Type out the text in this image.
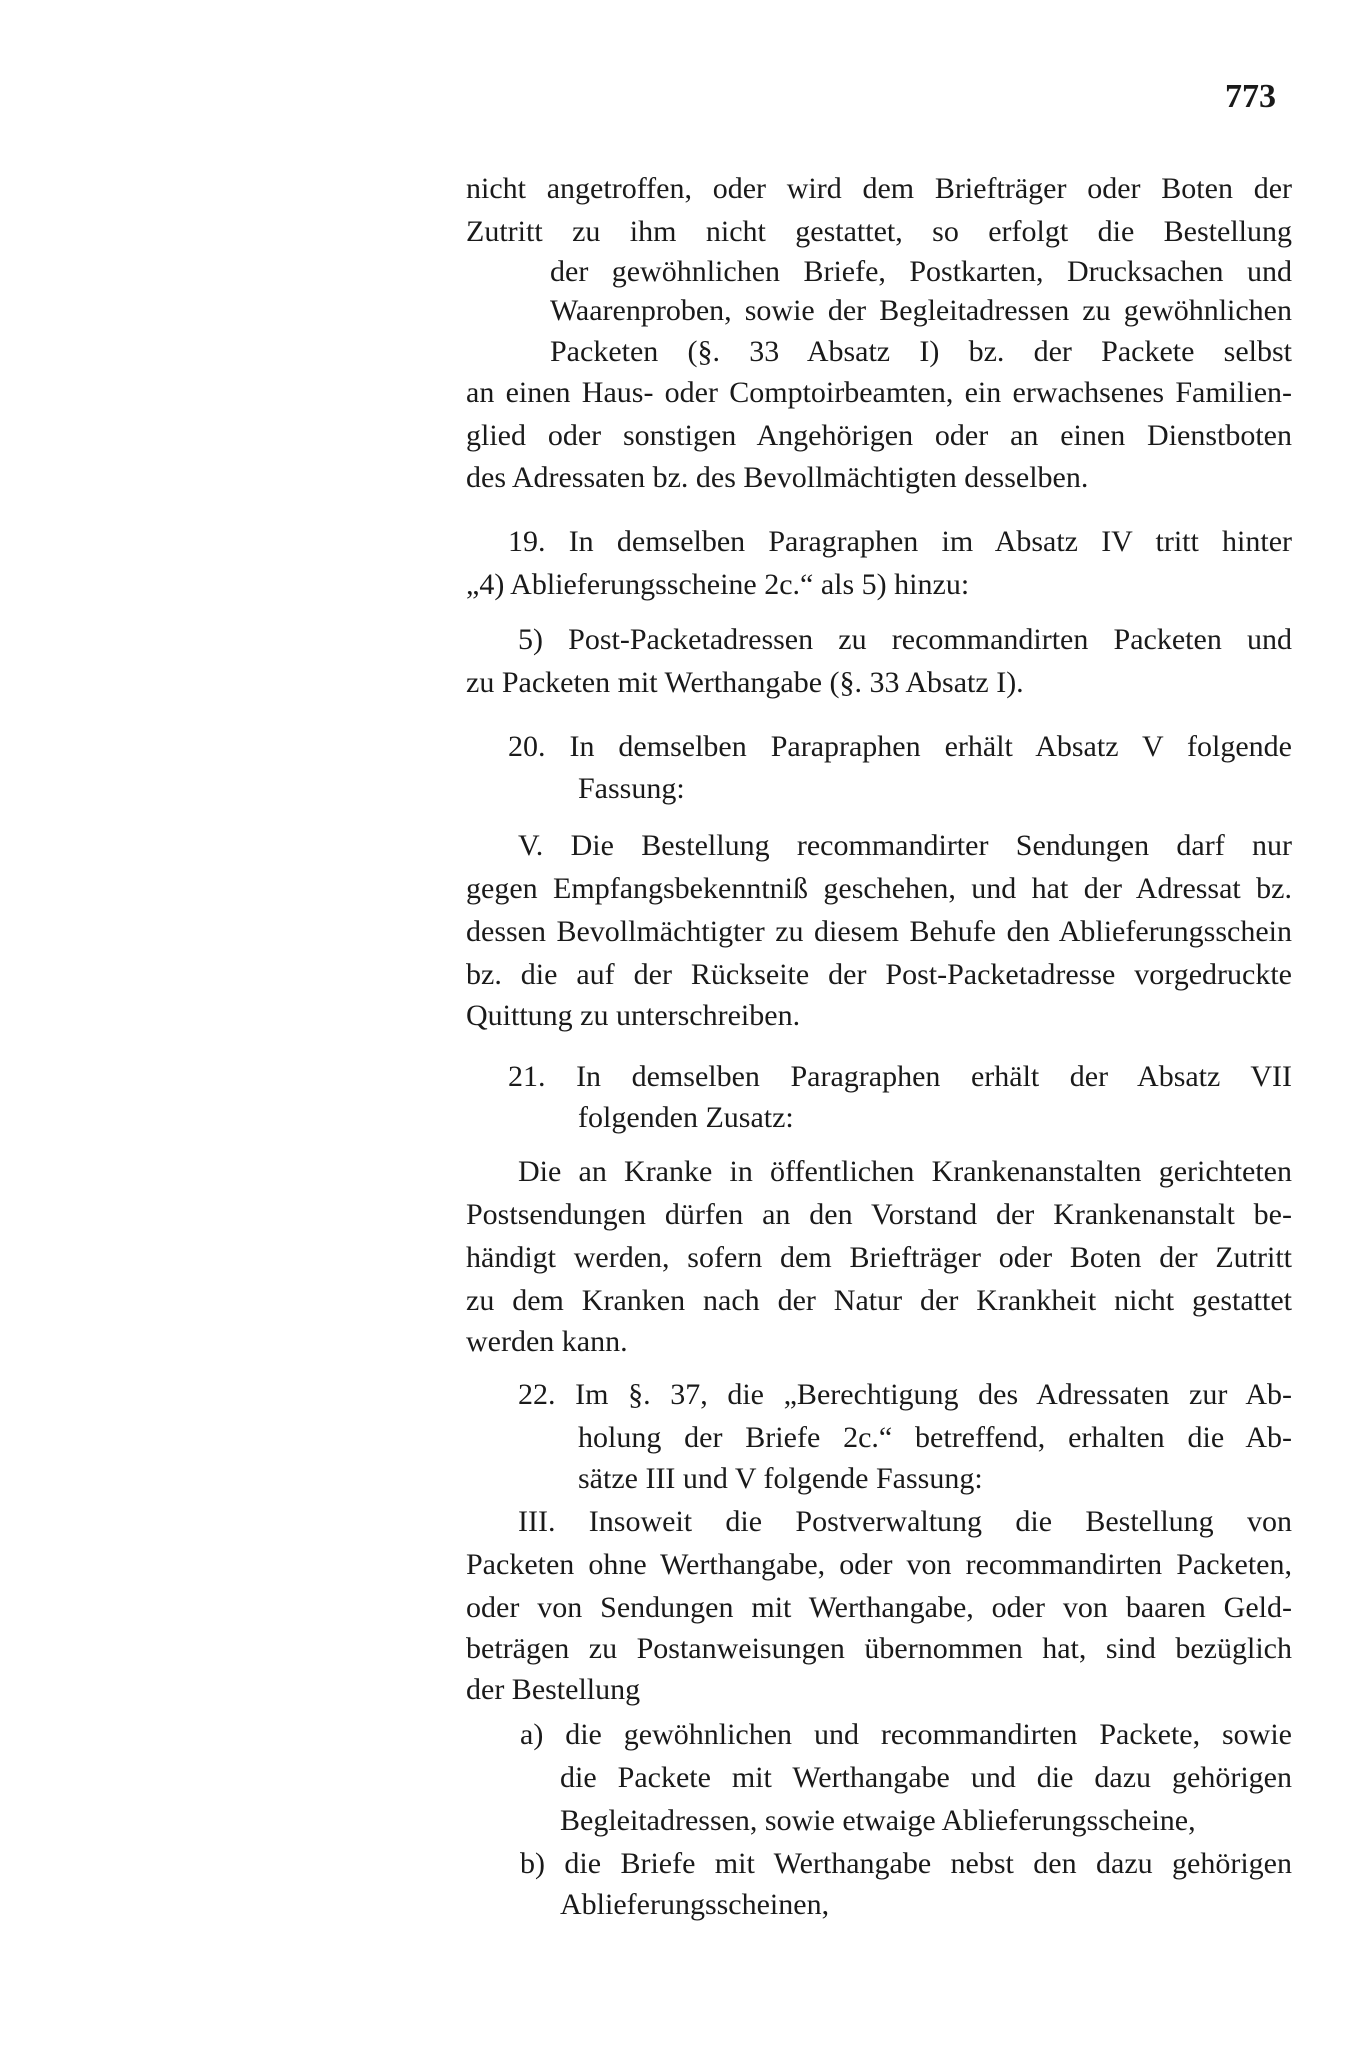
773
nicht angetroffen, oder wird dem Briefträger oder Boten der
Zutritt zu ihm nicht gestattet, so erfolgt die Bestellung
der gewöhnlichen Briefe, Postkarten, Drucksachen und
Waarenproben, sowie der Begleitadressen zu gewöhnlichen
Packeten (§. 33 Absatz I) bz. der Packete selbst
an einen Haus- oder Comptoirbeamten, ein erwachsenes Familien-
glied oder sonstigen Angehörigen oder an einen Dienstboten
des Adressaten bz. des Bevollmächtigten desselben.
19. In demselben Paragraphen im Absatz IV tritt hinter
„4) Ablieferungsscheine 2c.“ als 5) hinzu:
5) Post-Packetadressen zu recommandirten Packeten und
zu Packeten mit Werthangabe (§. 33 Absatz I).
20. In demselben Parapraphen erhält Absatz V folgende
Fassung:
V. Die Bestellung recommandirter Sendungen darf nur
gegen Empfangsbekenntniß geschehen, und hat der Adressat bz.
dessen Bevollmächtigter zu diesem Behufe den Ablieferungsschein
bz. die auf der Rückseite der Post-Packetadresse vorgedruckte
Quittung zu unterschreiben.
21. In demselben Paragraphen erhält der Absatz VII
folgenden Zusatz:
Die an Kranke in öffentlichen Krankenanstalten gerichteten
Postsendungen dürfen an den Vorstand der Krankenanstalt be-
händigt werden, sofern dem Briefträger oder Boten der Zutritt
zu dem Kranken nach der Natur der Krankheit nicht gestattet
werden kann.
22. Im §. 37, die „Berechtigung des Adressaten zur Ab-
holung der Briefe 2c.“ betreffend, erhalten die Ab-
sätze III und V folgende Fassung:
III. Insoweit die Postverwaltung die Bestellung von
Packeten ohne Werthangabe, oder von recommandirten Packeten,
oder von Sendungen mit Werthangabe, oder von baaren Geld-
beträgen zu Postanweisungen übernommen hat, sind bezüglich
der Bestellung
a) die gewöhnlichen und recommandirten Packete, sowie
die Packete mit Werthangabe und die dazu gehörigen
Begleitadressen, sowie etwaige Ablieferungsscheine,
b) die Briefe mit Werthangabe nebst den dazu gehörigen
Ablieferungsscheinen,
